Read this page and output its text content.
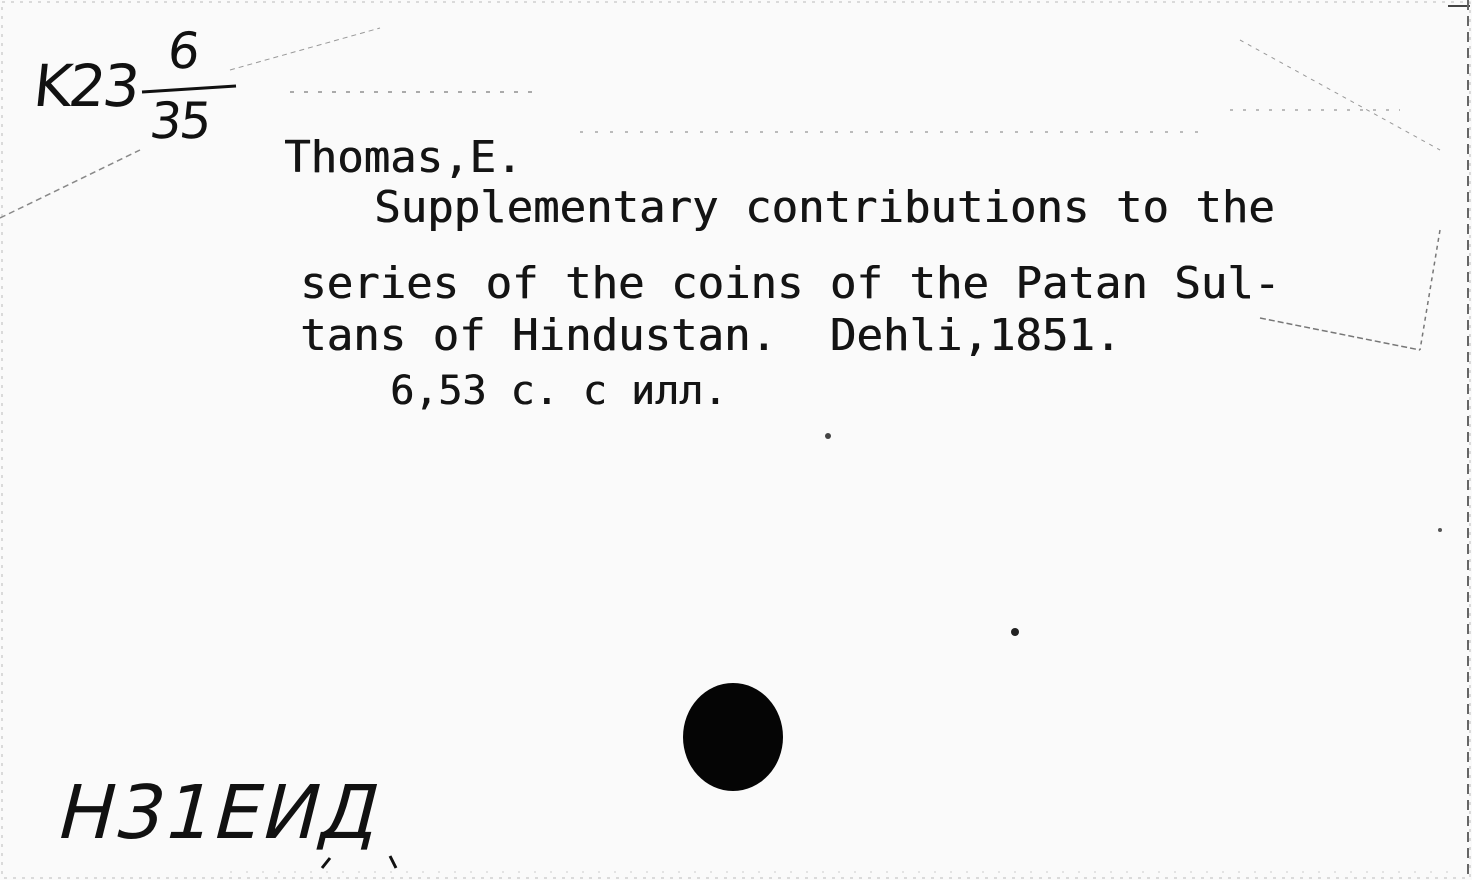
K23
6
35
Thomas,E.
Supplementary contributions to the
series of the coins of the Patan Sul-
tans of Hindustan.  Dehli,1851.
6,53 c. c илл.
Н31ЕИД
